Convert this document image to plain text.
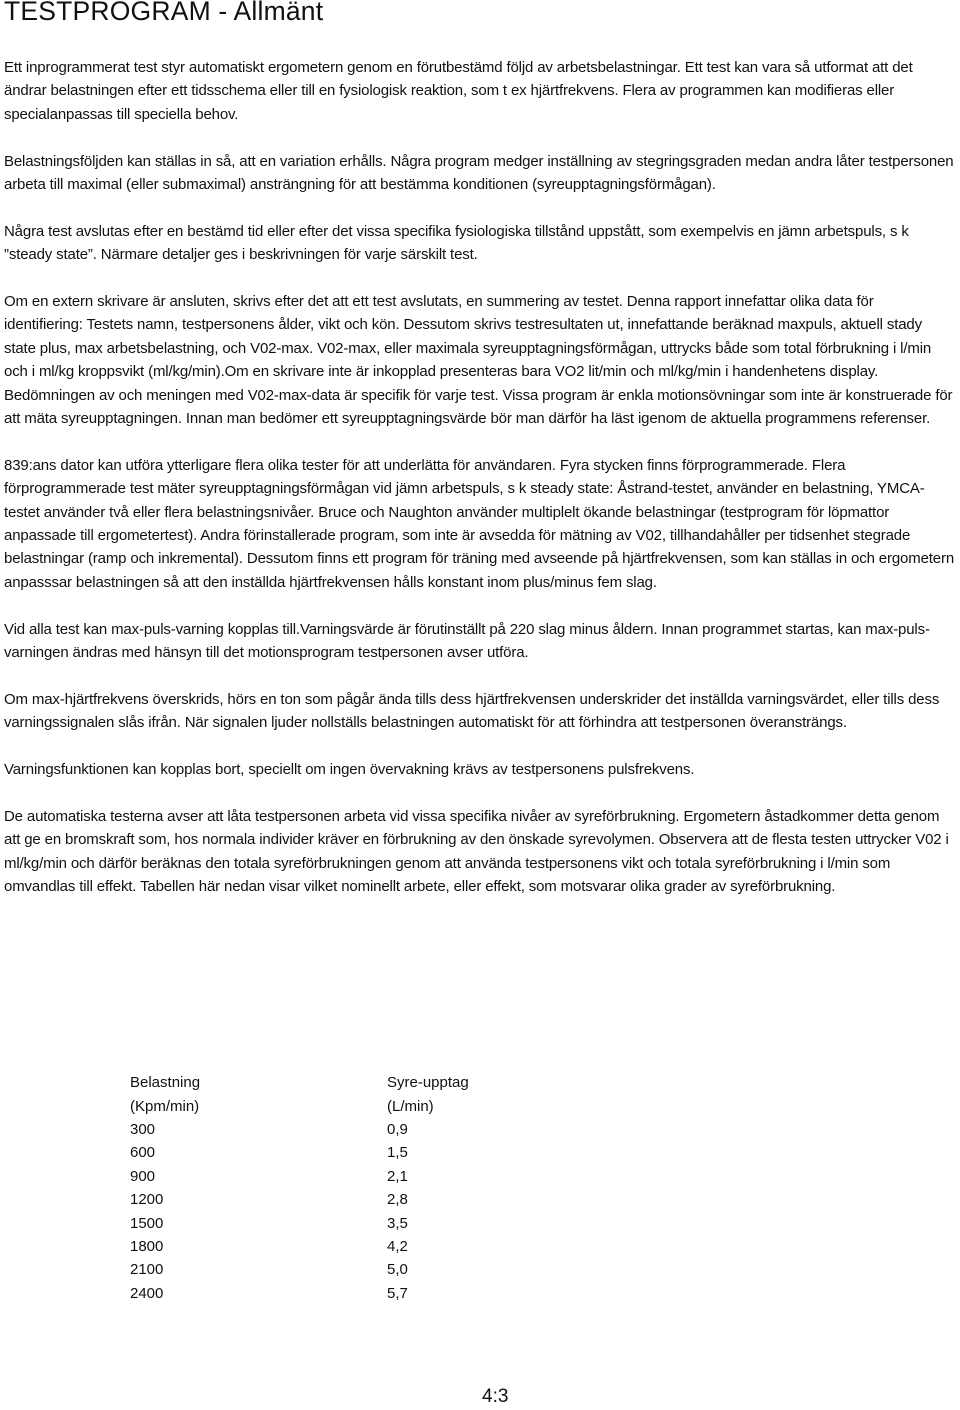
TESTPROGRAM - Allmänt

Ett inprogrammerat test styr automatiskt ergometern genom en förutbestämd följd av arbetsbelastningar. Ett test kan vara så utformat att det ändrar belastningen efter ett tidsschema eller till en fysiologisk reaktion, som t ex hjärtfrekvens. Flera av programmen kan modifieras eller specialanpassas till speciella behov.

Belastningsföljden kan ställas in så, att en variation erhålls. Några program medger inställning av stegringsgraden medan andra låter testpersonen arbeta till maximal (eller submaximal) ansträngning för att bestämma konditionen (syreupptagningsförmågan).

Några test avslutas efter en bestämd tid eller efter det vissa specifika fysiologiska tillstånd uppstått, som exempelvis en jämn arbetspuls, s k ”steady state”. Närmare detaljer ges i beskrivningen för varje särskilt test.

Om en extern skrivare är ansluten, skrivs efter det att ett test avslutats, en summering av testet. Denna rapport innefattar olika data för identifiering: Testets namn, testpersonens ålder, vikt och kön. Dessutom skrivs testresultaten ut, innefattande beräknad maxpuls, aktuell stady state plus, max arbetsbelastning, och V02-max. V02-max, eller maximala syreupptagningsförmågan, uttrycks både som total förbrukning i l/min och i ml/kg kroppsvikt (ml/kg/min).Om en skrivare inte är inkopplad presenteras bara VO2 lit/min och ml/kg/min i handenhetens display. Bedömningen av och meningen med V02-max-data är specifik för varje test. Vissa program är enkla motionsövningar som inte är konstruerade för att mäta syreupptagningen. Innan man bedömer ett syreupptagningsvärde bör man därför ha läst igenom de aktuella programmens referenser.

839:ans dator kan utföra ytterligare flera olika tester för att underlätta för användaren. Fyra stycken finns förprogrammerade. Flera förprogrammerade test mäter syreupptagningsförmågan vid jämn arbetspuls, s k steady state: Åstrand-testet, använder en belastning, YMCA-testet använder två eller flera belastningsnivåer. Bruce och Naughton använder multiplelt ökande belastningar (testprogram för löpmattor anpassade till ergometertest). Andra förinstallerade program, som inte är avsedda för mätning av V02, tillhandahåller per tidsenhet stegrade belastningar (ramp och inkremental). Dessutom finns ett program för träning med avseende på hjärtfrekvensen, som kan ställas in och ergometern anpasssar belastningen så att den inställda hjärtfrekvensen hålls konstant inom plus/minus fem slag.

Vid alla test kan max-puls-varning kopplas till.Varningsvärde är förutinställt på 220 slag minus åldern. Innan programmet startas, kan max-puls-varningen ändras med hänsyn till det motionsprogram testpersonen avser utföra.

Om max-hjärtfrekvens överskrids, hörs en ton som pågår ända tills dess hjärtfrekvensen underskrider det inställda varningsvärdet, eller tills dess varningssignalen slås ifrån. När signalen ljuder nollställs belastningen automatiskt för att förhindra att testpersonen överansträngs.

Varningsfunktionen kan kopplas bort, speciellt om ingen övervakning krävs av testpersonens pulsfrekvens.

De automatiska testerna avser att låta testpersonen arbeta vid vissa specifika nivåer av syreförbrukning. Ergometern åstadkommer detta genom att ge en bromskraft som, hos normala individer kräver en förbrukning av den önskade syrevolymen. Observera att de flesta testen uttrycker V02 i ml/kg/min och därför beräknas den totala syreförbrukningen genom att använda testpersonens vikt och totala syreförbrukning i l/min som omvandlas till effekt. Tabellen här nedan visar vilket nominellt arbete, eller effekt, som motsvarar olika grader av syreförbrukning.

Belastning	Syre-upptag
(Kpm/min)	(L/min)
300	0,9
600	1,5
900	2,1
1200	2,8
1500	3,5
1800	4,2
2100	5,0
2400	5,7
4:3
